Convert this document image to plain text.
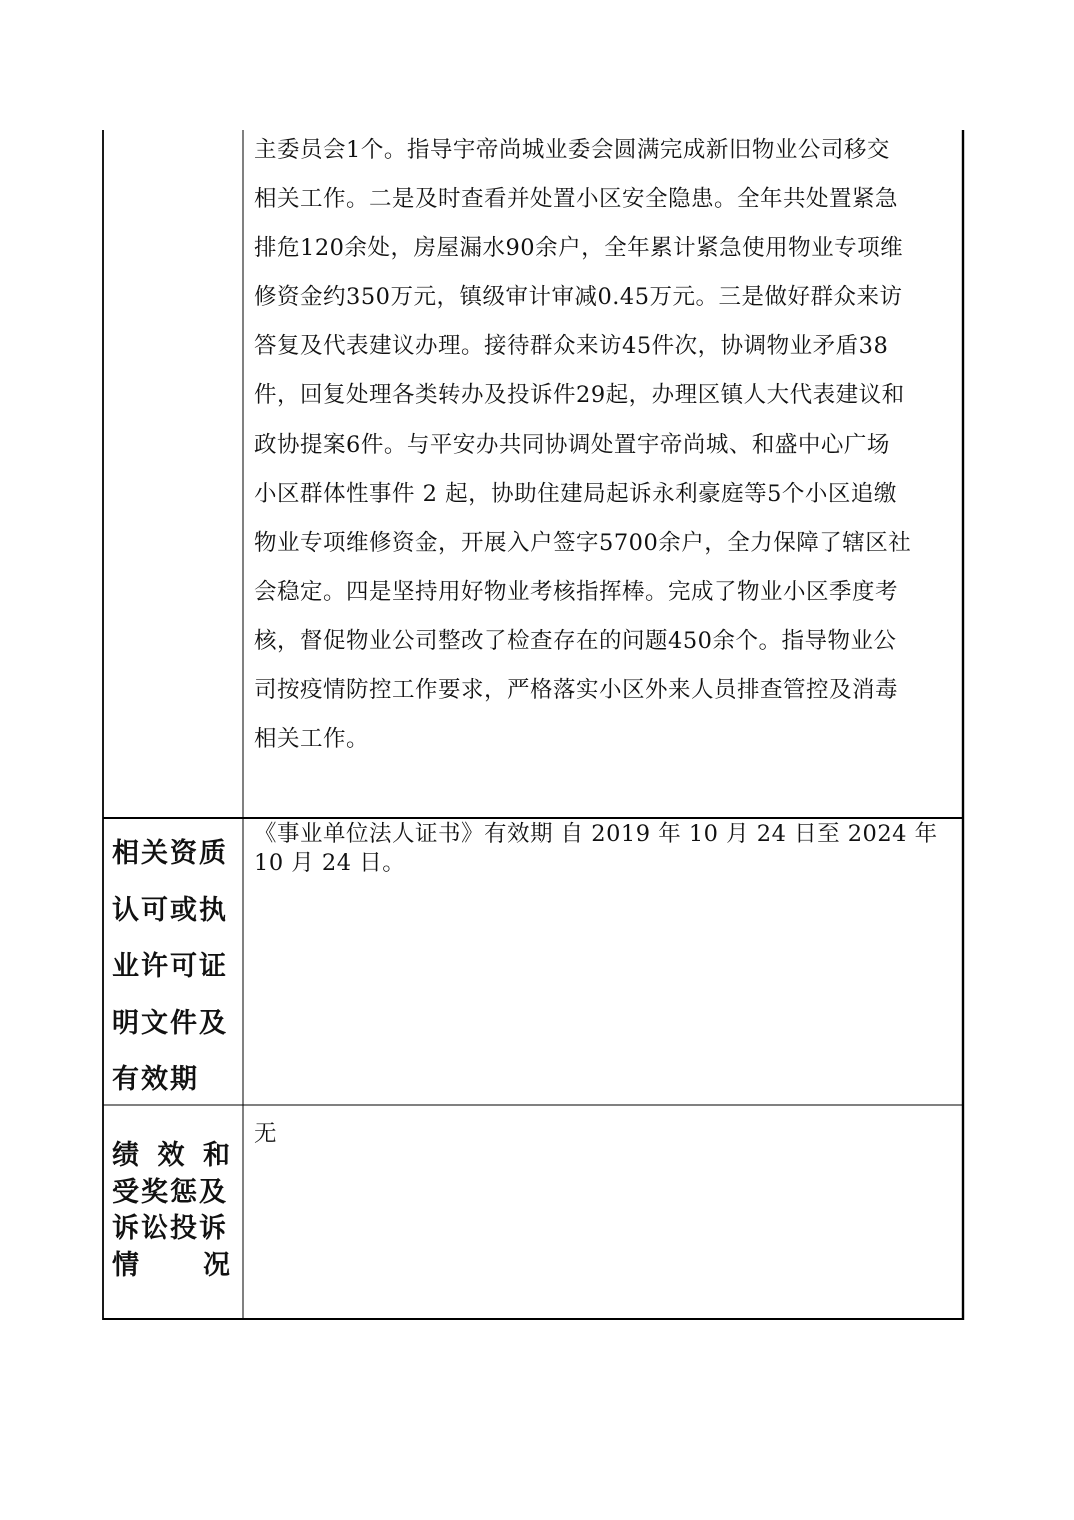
主委员会1个。指导宇帝尚城业委会圆满完成新旧物业公司移交
相关工作。二是及时查看并处置小区安全隐患。全年共处置紧急
排危120余处，房屋漏水90余户，全年累计紧急使用物业专项维
修资金约350万元，镇级审计审减0.45万元。三是做好群众来访
答复及代表建议办理。接待群众来访45件次，协调物业矛盾38
件，回复处理各类转办及投诉件29起，办理区镇人大代表建议和
政协提案6件。与平安办共同协调处置宇帝尚城、和盛中心广场
小区群体性事件 2 起，协助住建局起诉永利豪庭等5个小区追缴
物业专项维修资金，开展入户签字5700余户，全力保障了辖区社
会稳定。四是坚持用好物业考核指挥棒。完成了物业小区季度考
核，督促物业公司整改了检查存在的问题450余个。指导物业公
司按疫情防控工作要求，严格落实小区外来人员排查管控及消毒
相关工作。
相关资质
认可或执
业许可证
明文件及
有效期
《事业单位法人证书》有效期 自 2019 年 10 月 24 日至 2024 年
10 月 24 日。
绩 效 和
受奖惩及
诉讼投诉
情 况
无
